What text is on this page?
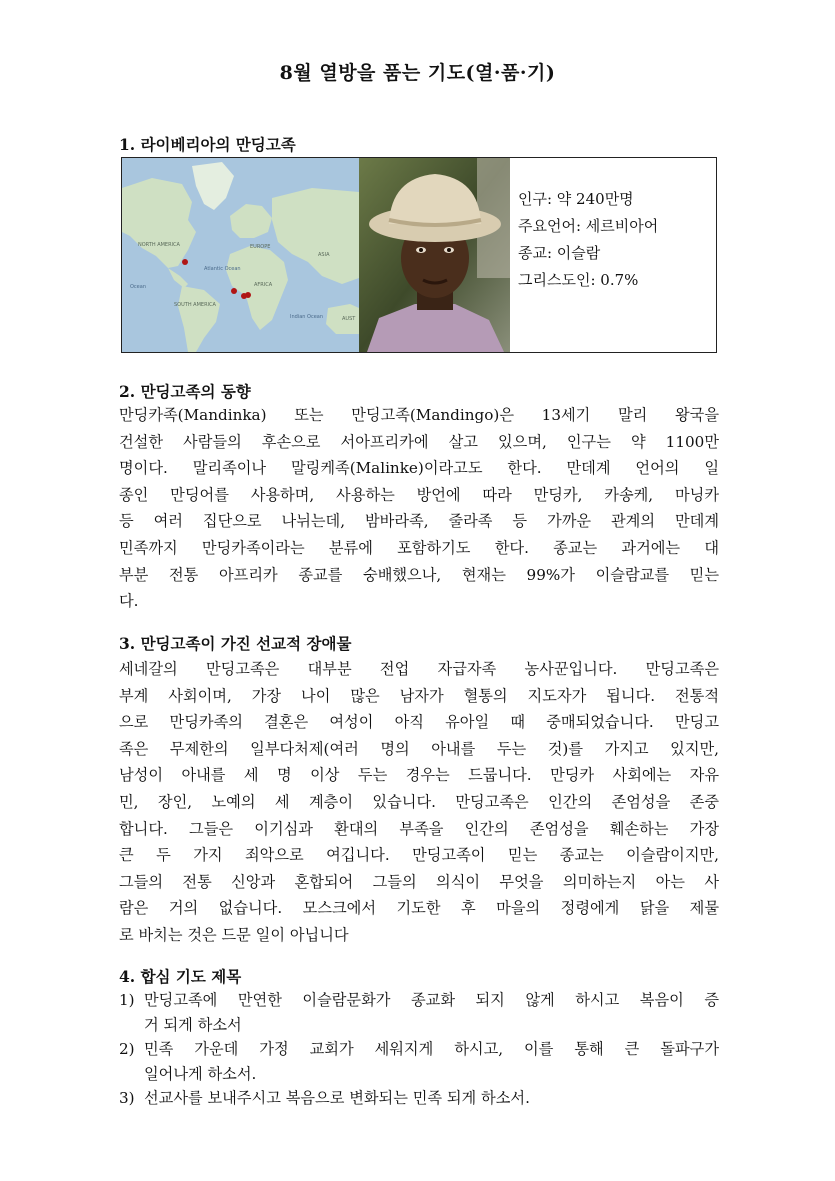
8월 열방을 품는 기도(열·품·기)
1. 라이베리아의 만딩고족
NORTH AMERICA	EUROPE
ASIA
AFRICA
SOUTH AMERICA
Atlantic Ocean
Indian Ocean
Ocean
AUST
인구: 약 240만명
주요언어: 세르비아어
종교: 이슬람
그리스도인: 0.7%
2. 만딩고족의 동향
만딩카족(Mandinka) 또는 만딩고족(Mandingo)은 13세기 말리 왕국을
건설한 사람들의 후손으로 서아프리카에 살고 있으며, 인구는 약 1100만
명이다. 말리족이나 말링케족(Malinke)이라고도 한다. 만데계 언어의 일
종인 만딩어를 사용하며, 사용하는 방언에 따라 만딩카, 카송케, 마닝카
등 여러 집단으로 나뉘는데, 밤바라족, 줄라족 등 가까운 관계의 만데계
민족까지 만딩카족이라는 분류에 포함하기도 한다. 종교는 과거에는 대
부분 전통 아프리카 종교를 숭배했으나, 현재는 99%가 이슬람교를 믿는
다.
3. 만딩고족이 가진 선교적 장애물
세네갈의 만딩고족은 대부분 전업 자급자족 농사꾼입니다. 만딩고족은
부계 사회이며, 가장 나이 많은 남자가 혈통의 지도자가 됩니다. 전통적
으로 만딩카족의 결혼은 여성이 아직 유아일 때 중매되었습니다. 만딩고
족은 무제한의 일부다처제(여러 명의 아내를 두는 것)를 가지고 있지만,
남성이 아내를 세 명 이상 두는 경우는 드뭅니다. 만딩카 사회에는 자유
민, 장인, 노예의 세 계층이 있습니다. 만딩고족은 인간의 존엄성을 존중
합니다. 그들은 이기심과 환대의 부족을 인간의 존엄성을 훼손하는 가장
큰 두 가지 죄악으로 여깁니다. 만딩고족이 믿는 종교는 이슬람이지만,
그들의 전통 신앙과 혼합되어 그들의 의식이 무엇을 의미하는지 아는 사
람은 거의 없습니다. 모스크에서 기도한 후 마을의 정령에게 닭을 제물
로 바치는 것은 드문 일이 아닙니다
4. 합심 기도 제목
1) 만딩고족에 만연한 이슬람문화가 종교화 되지 않게 하시고 복음이 증
거 되게 하소서
2) 민족 가운데 가정 교회가 세워지게 하시고, 이를 통해 큰 돌파구가
일어나게 하소서.
3) 선교사를 보내주시고 복음으로 변화되는 민족 되게 하소서.
